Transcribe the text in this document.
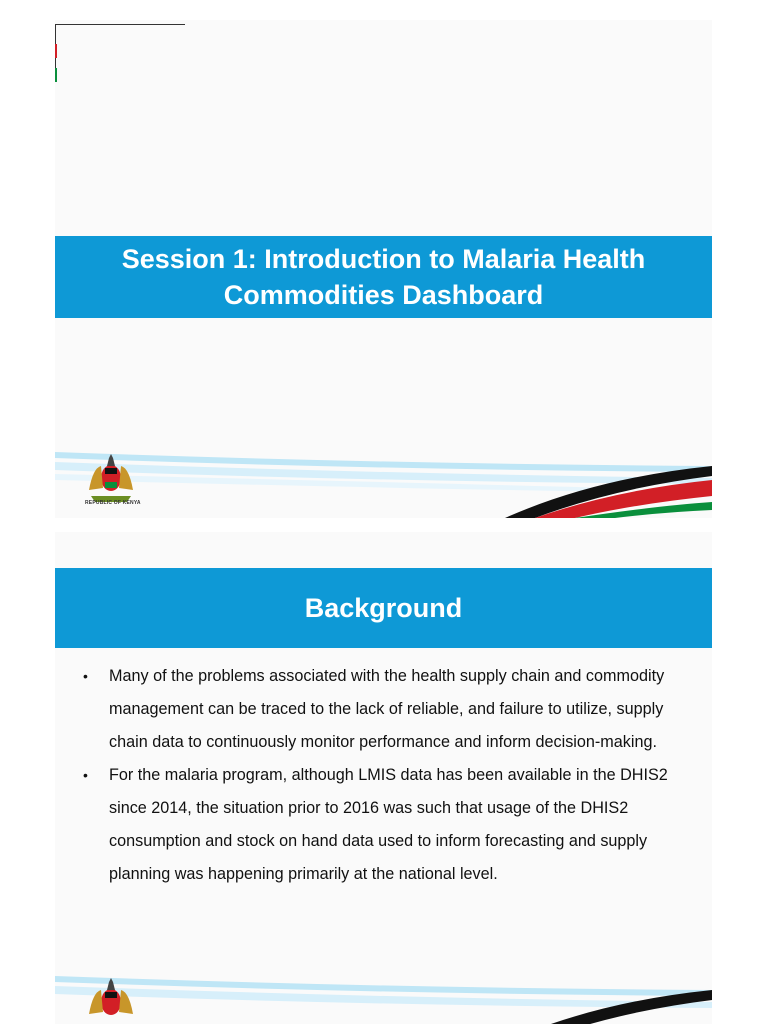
Session 1: Introduction to Malaria Health
Commodities Dashboard
REPUBLIC OF KENYA
Background
• Many of the problems associated with the health supply chain and commodity management can be traced to the lack of reliable, and failure to utilize, supply chain data to continuously monitor performance and inform decision-making.
• For the malaria program, although LMIS data has been available in the DHIS2 since 2014, the situation prior to 2016 was such that usage of the DHIS2 consumption and stock on hand data used to inform forecasting and supply planning was happening primarily at the national level.
